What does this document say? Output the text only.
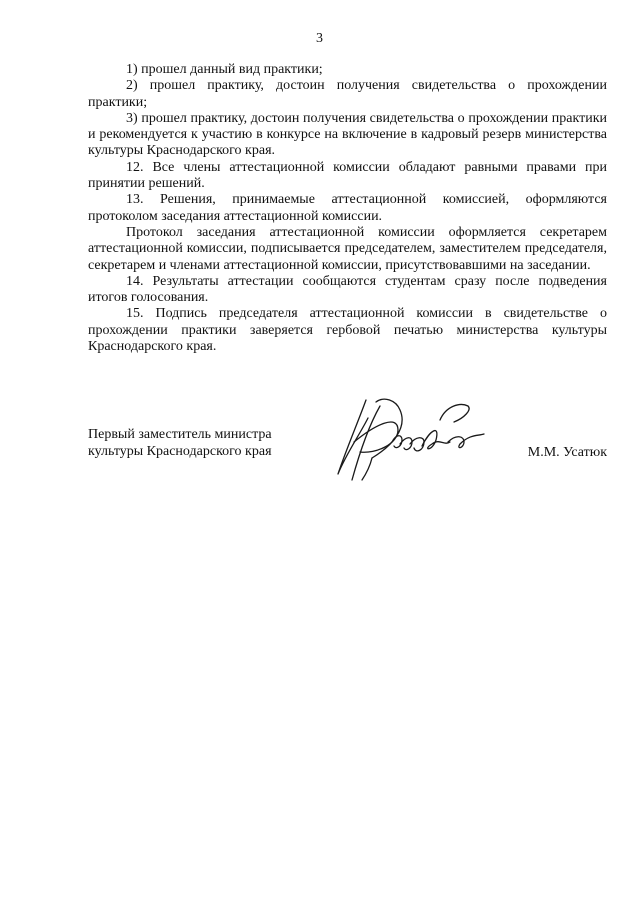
3

1) прошел данный вид практики;

2) прошел практику, достоин получения свидетельства о прохождении практики;

3) прошел практику, достоин получения свидетельства о прохождении практики и рекомендуется к участию в конкурсе на включение в кадровый резерв министерства культуры Краснодарского края.

12. Все члены аттестационной комиссии обладают равными правами при принятии решений.

13. Решения, принимаемые аттестационной комиссией, оформляются протоколом заседания аттестационной комиссии.

Протокол заседания аттестационной комиссии оформляется секретарем аттестационной комиссии, подписывается председателем, заместителем председателя, секретарем и членами аттестационной комиссии, присутствовавшими на заседании.

14. Результаты аттестации сообщаются студентам сразу после подведения итогов голосования.

15. Подпись председателя аттестационной комиссии в свидетельстве о прохождении практики заверяется гербовой печатью министерства культуры Краснодарского края.

Первый заместитель министра
культуры Краснодарского края	М.М. Усатюк
